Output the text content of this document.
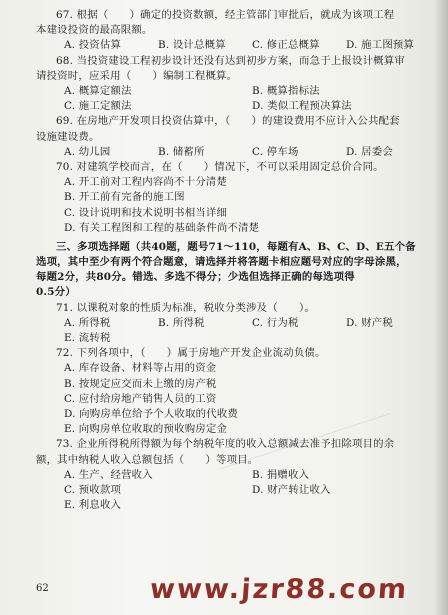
67. 根据（　　）确定的投资数额，经主管部门审批后，就成为该项工程
本建设投资的最高限额。
A. 投资估算	B. 设计总概算	C. 修正总概算	D. 施工图预算
68. 当投资建设工程初步设计还没有达到初步方案，而急于上报设计概算审
请投资时，应采用（　　）编制工程概算。
A. 概算定额法	B. 概算指标法
C. 施工定额法	D. 类似工程预决算法
69. 在房地产开发项目投资估算中，（　　）的建设费用不应计入公共配套
设施建设费。
A. 幼儿园	B. 储蓄所	C. 停车场	D. 居委会
70. 对建筑学校而言，在（　　）情况下，不可以采用固定总价合同。
A. 开工前对工程内容尚不十分清楚
B. 开工前有完备的施工图
C. 设计说明和技术说明书相当详细
D. 有关工程图和工程的基础条件尚不清楚
三、多项选择题（共40题，题号71～110，每题有A、B、C、D、E五个备
选项，其中至少有两个符合题意，请选择并将答题卡相应题号对应的字母涂黑，
每题2分，共80分。错选、多选不得分；少选但选择正确的每选项得
0.5分）
71. 以课税对象的性质为标准，税收分类涉及（　　）。
A. 所得税	B. 所得税	C. 行为税	D. 财产税
E. 流转税
72. 下列各项中，（　　）属于房地产开发企业流动负债。
A. 库存设备、材料等占用的资金
B. 按规定应交而未上缴的房产税
C. 应付给房地产销售人员的工资
D. 向购房单位给予个人收取的代收费
E. 向购房单位收取的预收购房定金
73. 企业所得税所得额为每个纳税年度的收入总额减去准予扣除项目的余
额，其中纳税人收入总额包括（　　）等项目。
A. 生产、经营收入	B. 捐赠收入
C. 预收款项	D. 财产转让收入
E. 利息收入
62	www.jzr88.com
